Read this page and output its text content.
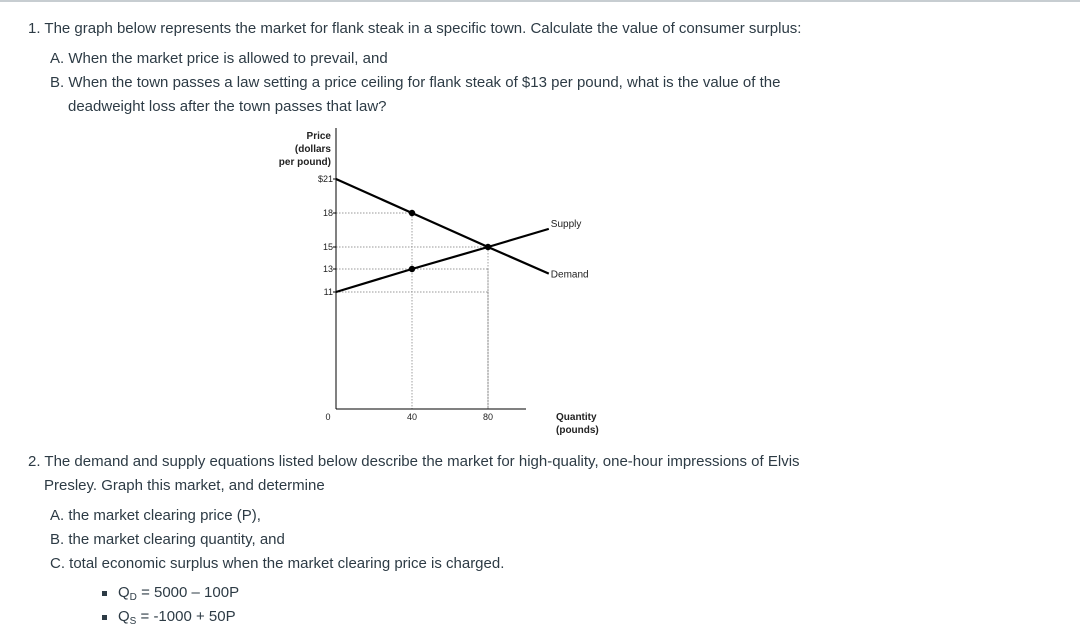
1. The graph below represents the market for flank steak in a specific town. Calculate the value of consumer surplus:
A. When the market price is allowed to prevail, and
B. When the town passes a law setting a price ceiling for flank steak of $13 per pound, what is the value of the
deadweight loss after the town passes that law?
Price
(dollars
per pound)
Quantity
(pounds)
$21
18
15
13
11
0	40	80
Demand
Supply
2. The demand and supply equations listed below describe the market for high-quality, one-hour impressions of Elvis
Presley. Graph this market, and determine
A. the market clearing price (P),
B. the market clearing quantity, and
C. total economic surplus when the market clearing price is charged.
$Q_D = 5000 - 100P$
$Q_S = -1000 + 50P$
